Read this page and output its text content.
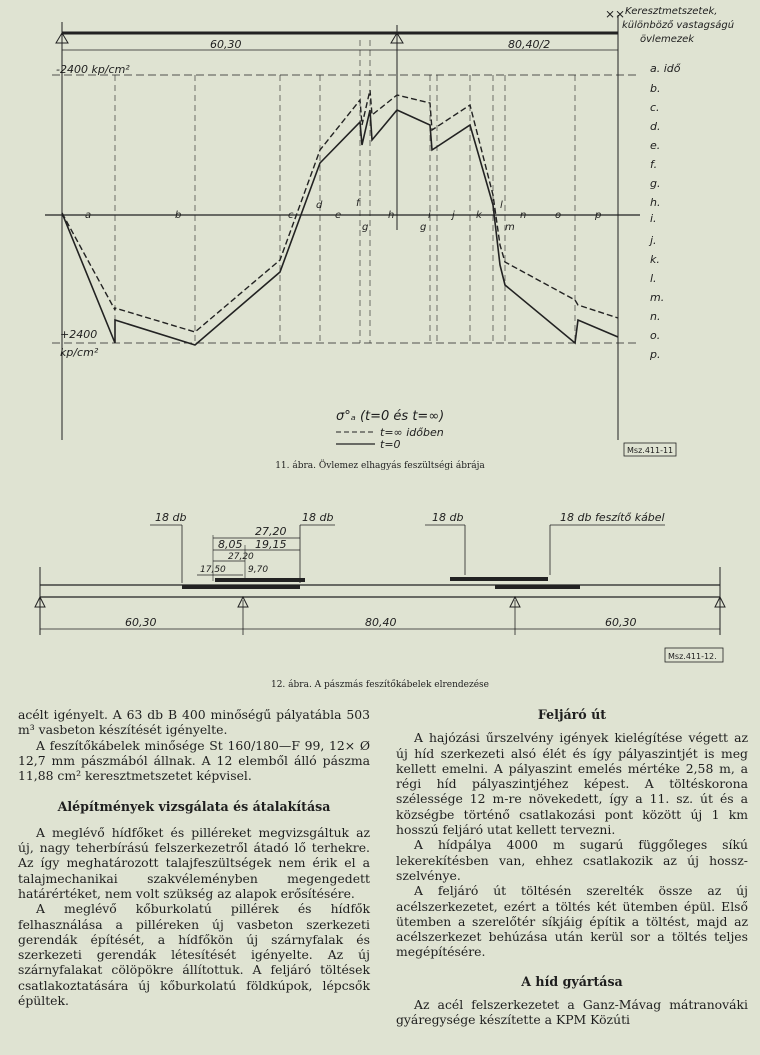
⨯⨯ Keresztmetszetek,
különböző vastagságú
övlemezek
60,30	80,40/2
-2400 kp/cm²
+2400
kp/cm²
a. idő
b.
c.
d.
e.
f.
g.
h.
i.
j.
k.
l.
m.
n.
o.
p.
a	b	c
d
e
f
g
h
g
i j k
l
m
n	o	p
σ°ₐ (t=0 és t=∞)
t=∞ időben
t=0	Msz.411-11
11. ábra. Övlemez elhagyás feszültségi ábrája
18 db	18 db	18 db	18 db feszítő kábel
27,20
8,05 19,15
27,20
17,50 9,70
60,30	80,40	60,30
Msz.411-12.
12. ábra. A pászmás feszítőkábelek elrendezése

acélt igényelt. A 63 db B 400 minőségű pályatábla 503 m³ vasbeton készítését igényelte.

A feszítőkábelek minősége St 160/180—F 99, 12× Ø 12,7 mm pászmából állnak. A 12 elemből álló pászma 11,88 cm² keresztmetszetet képvisel.

Alépítmények vizsgálata és átalakítása

A meglévő hídfőket és pilléreket megvizsgáltuk az új, nagy teherbírású felszerkezetről átadó lő terhekre. Az így meghatározott talajfeszültségek nem érik el a talajmechanikai szakvéleményben megengedett határértéket, nem volt szükség az alapok erősítésére.

A meglévő kőburkolatú pillérek és hídfők felhasználása a pilléreken új vasbeton szerkezeti gerendák építését, a hídfőkön új szárnyfalak és szerkezeti gerendák létesítését igényelte. Az új szárnyfalakat cölöpökre állítottuk. A feljáró töltések csatlakoztatására új kőburkolatú földkúpok, lépcsők épültek.

Feljáró út

A hajózási űrszelvény igények kielégítése végett az új híd szerkezeti alsó élét és így pályaszintjét is meg kellett emelni. A pályaszint emelés mértéke 2,58 m, a régi híd pályaszintjéhez képest. A töltéskorona szélessége 12 m-re növekedett, így a 11. sz. út és a községbe történő csatlakozási pont között új 1 km hosszú feljáró utat kellett tervezni.

A hídpálya 4000 m sugarú függőleges síkú lekerekítésben van, ehhez csatlakozik az új hossz-szelvénye.

A feljáró út töltésén szerelték össze az új acélszerkezetet, ezért a töltés két ütemben épül. Első ütemben a szerelőtér síkjáig építik a töltést, majd az acélszerkezet behúzása után kerül sor a töltés teljes megépítésére.

A híd gyártása

Az acél felszerkezetet a Ganz-Mávag mátranováki gyáregysége készítette a KPM Közúti
